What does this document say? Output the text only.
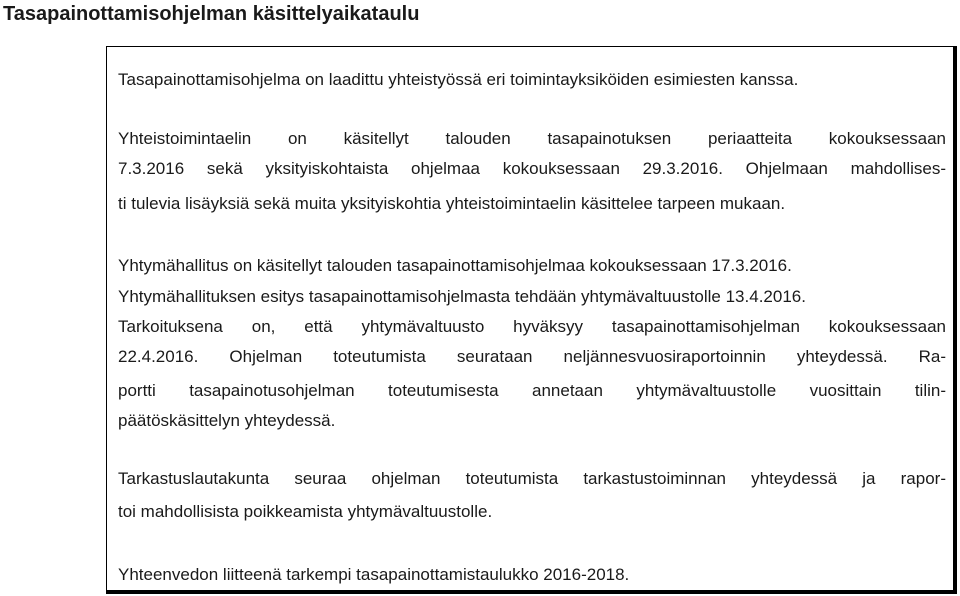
Tasapainottamisohjelman käsittelyaikataulu
Tasapainottamisohjelma on laadittu yhteistyössä eri toimintayksiköiden esimiesten kanssa.
Yhteistoimintaelin on käsitellyt talouden tasapainotuksen periaatteita kokouksessaan
7.3.2016 sekä yksityiskohtaista ohjelmaa kokouksessaan 29.3.2016. Ohjelmaan mahdollises-
ti tulevia lisäyksiä sekä muita yksityiskohtia yhteistoimintaelin käsittelee tarpeen mukaan.
Yhtymähallitus on käsitellyt talouden tasapainottamisohjelmaa kokouksessaan 17.3.2016.
Yhtymähallituksen esitys tasapainottamisohjelmasta tehdään yhtymävaltuustolle 13.4.2016.
Tarkoituksena on, että yhtymävaltuusto hyväksyy tasapainottamisohjelman kokouksessaan
22.4.2016. Ohjelman toteutumista seurataan neljännesvuosiraportoinnin yhteydessä. Ra-
portti tasapainotusohjelman toteutumisesta annetaan yhtymävaltuustolle vuosittain tilin-
päätöskäsittelyn yhteydessä.
Tarkastuslautakunta seuraa ohjelman toteutumista tarkastustoiminnan yhteydessä ja rapor-
toi mahdollisista poikkeamista yhtymävaltuustolle.
Yhteenvedon liitteenä tarkempi tasapainottamistaulukko 2016-2018.
